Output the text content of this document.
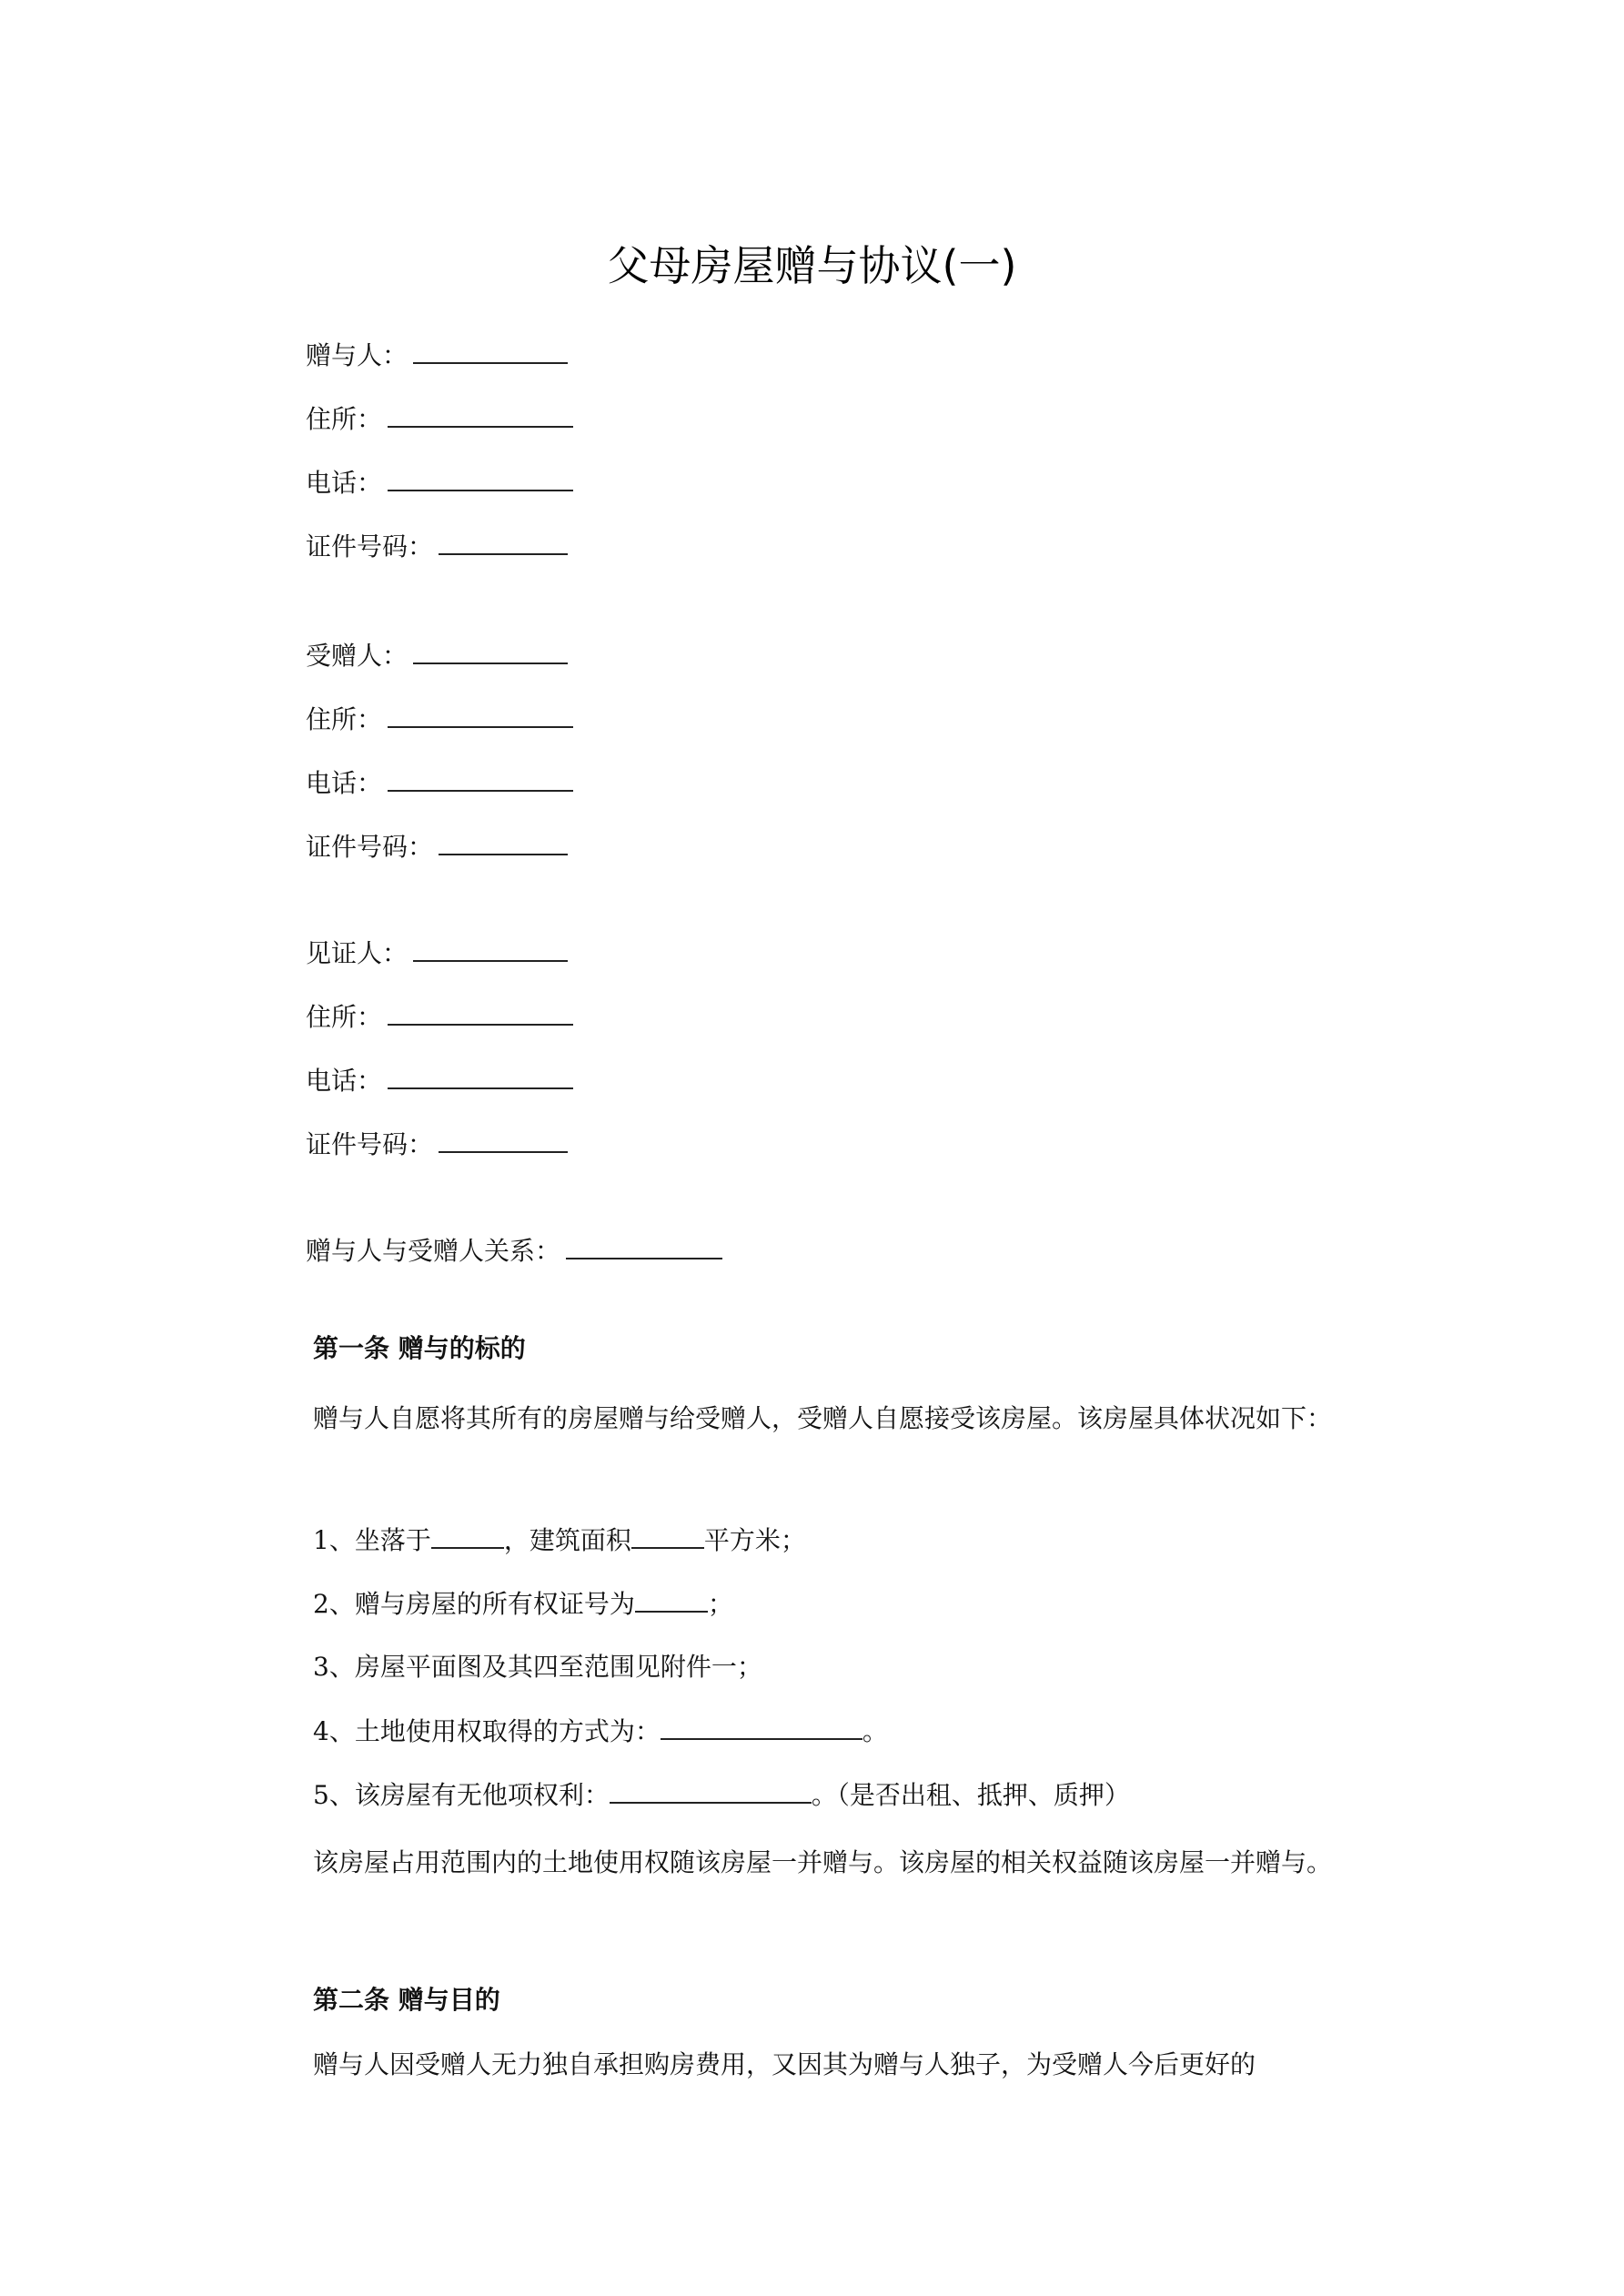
父母房屋赠与协议(一)
赠与人：
住所：
电话：
证件号码：
受赠人：
住所：
电话：
证件号码：
见证人：
住所：
电话：
证件号码：
赠与人与受赠人关系：
第一条 赠与的标的
赠与人自愿将其所有的房屋赠与给受赠人，受赠人自愿接受该房屋。该房屋具体状况如下：
1、坐落于	，建筑面积	平方米；
2、赠与房屋的所有权证号为	；
3、房屋平面图及其四至范围见附件一；
4、土地使用权取得的方式为：	。
5、该房屋有无他项权利：	。（是否出租、抵押、质押）
该房屋占用范围内的土地使用权随该房屋一并赠与。该房屋的相关权益随该房屋一并赠与。
第二条 赠与目的
赠与人因受赠人无力独自承担购房费用，又因其为赠与人独子，为受赠人今后更好的
